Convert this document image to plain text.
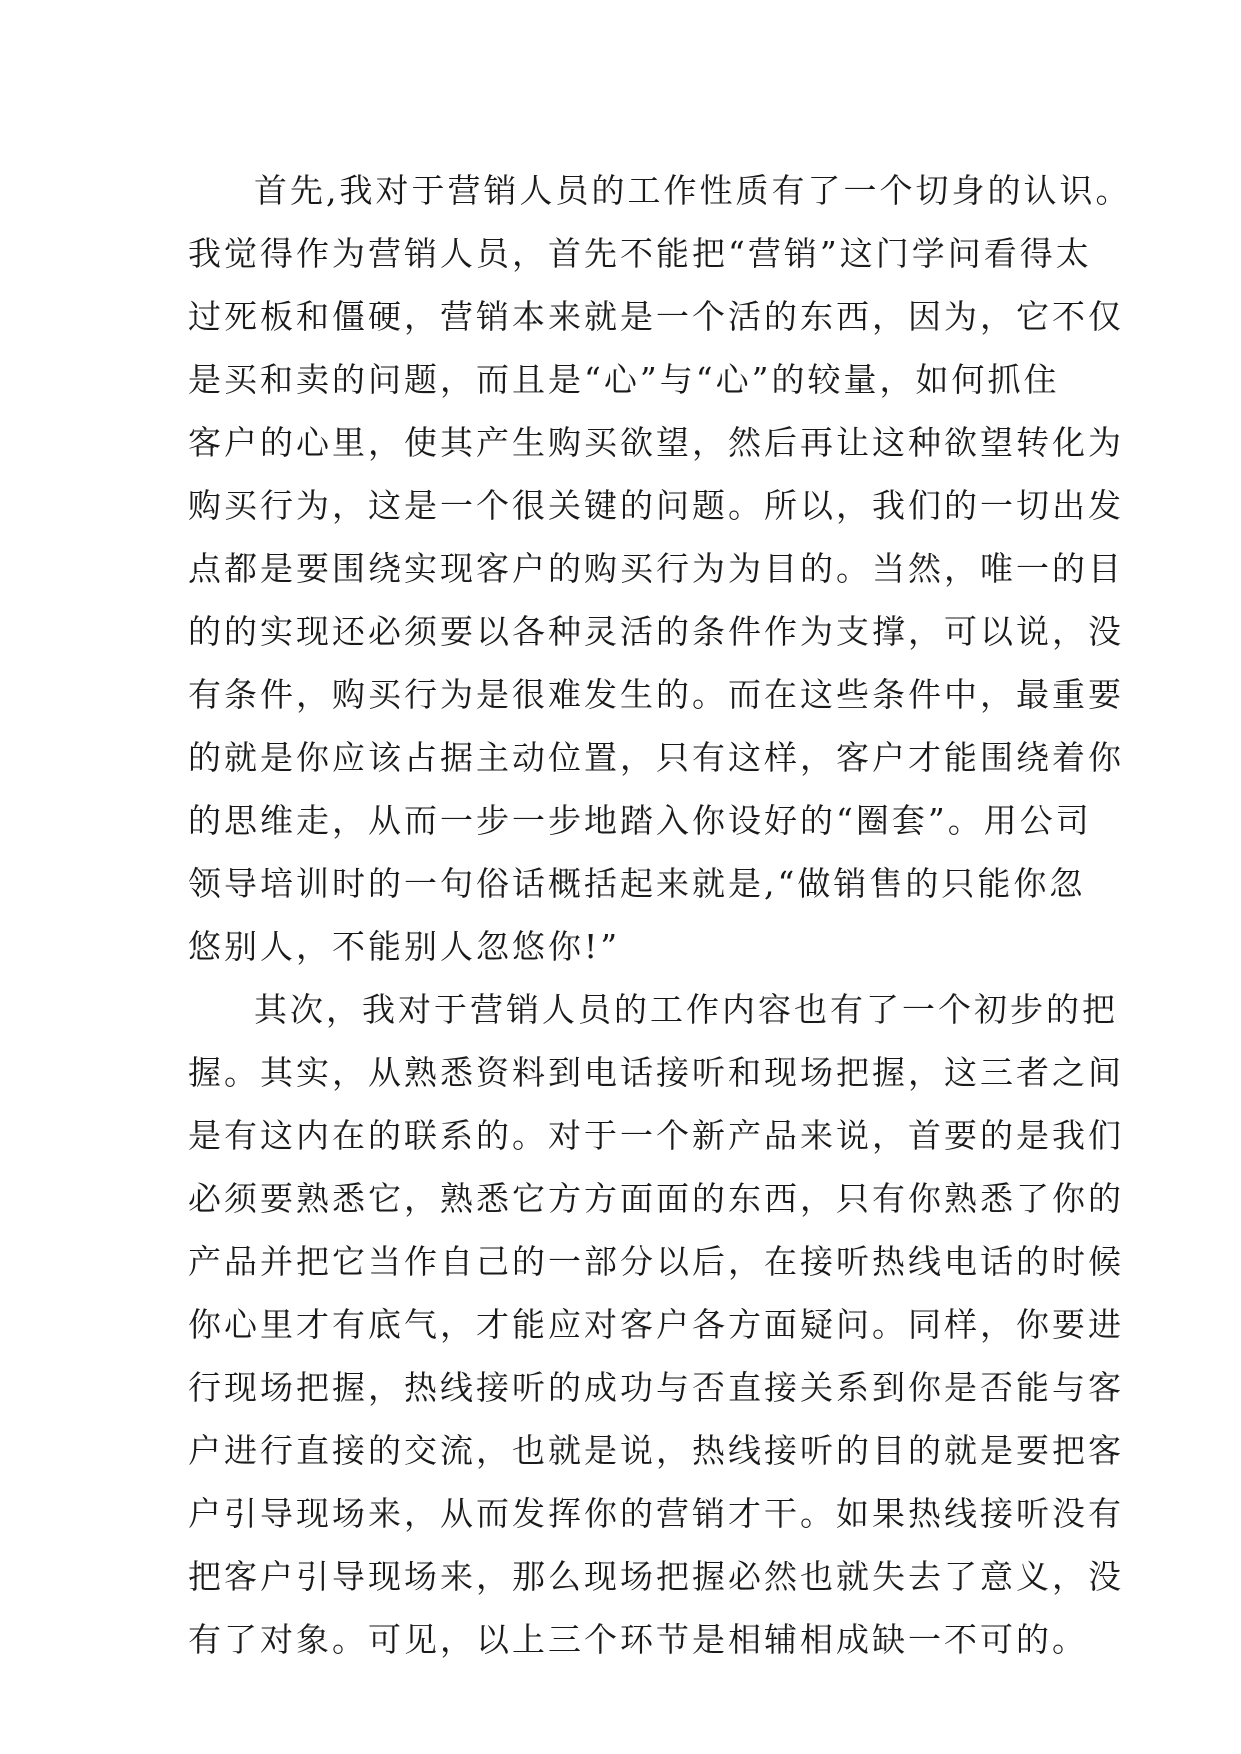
首先,我对于营销人员的工作性质有了一个切身的认识。
我觉得作为营销人员，首先不能把“营销”这门学问看得太
过死板和僵硬，营销本来就是一个活的东西，因为，它不仅
是买和卖的问题，而且是“心”与“心”的较量，如何抓住
客户的心里，使其产生购买欲望，然后再让这种欲望转化为
购买行为，这是一个很关键的问题。所以，我们的一切出发
点都是要围绕实现客户的购买行为为目的。当然，唯一的目
的的实现还必须要以各种灵活的条件作为支撑，可以说，没
有条件，购买行为是很难发生的。而在这些条件中，最重要
的就是你应该占据主动位置，只有这样，客户才能围绕着你
的思维走，从而一步一步地踏入你设好的“圈套”。用公司
领导培训时的一句俗话概括起来就是,“做销售的只能你忽
悠别人，不能别人忽悠你!”
其次，我对于营销人员的工作内容也有了一个初步的把
握。其实，从熟悉资料到电话接听和现场把握，这三者之间
是有这内在的联系的。对于一个新产品来说，首要的是我们
必须要熟悉它，熟悉它方方面面的东西，只有你熟悉了你的
产品并把它当作自己的一部分以后，在接听热线电话的时候
你心里才有底气，才能应对客户各方面疑问。同样，你要进
行现场把握，热线接听的成功与否直接关系到你是否能与客
户进行直接的交流，也就是说，热线接听的目的就是要把客
户引导现场来，从而发挥你的营销才干。如果热线接听没有
把客户引导现场来，那么现场把握必然也就失去了意义，没
有了对象。可见，以上三个环节是相辅相成缺一不可的。
